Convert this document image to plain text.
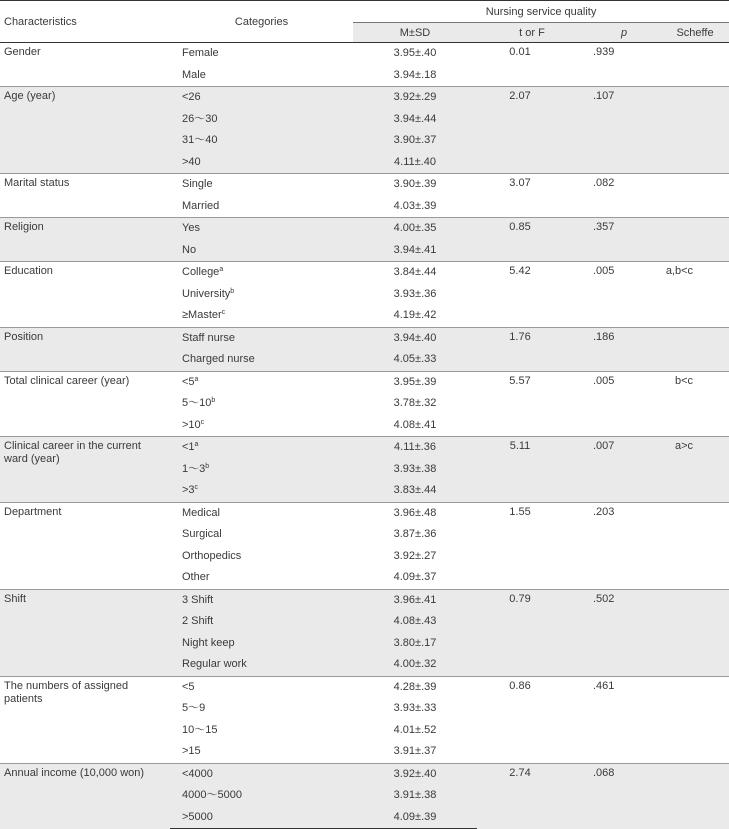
Characteristics	Categories	Nursing service quality			
		M±SD	t or F	p	Scheffe
Gender	Female	3.95±.40	0.01	.939	
	Male	3.94±.18			
Age (year)	<26	3.92±.29	2.07	.107	
	26～30	3.94±.44			
	31～40	3.90±.37			
	>40	4.11±.40			
Marital status	Single	3.90±.39	3.07	.082	
	Married	4.03±.39			
Religion	Yes	4.00±.35	0.85	.357	
	No	3.94±.41			
Education	College$^a$	3.84±.44	5.42	.005	a,b<c
	University$^b$	3.93±.36			
	≥Master$^c$	4.19±.42			
Position	Staff nurse	3.94±.40	1.76	.186	
	Charged nurse	4.05±.33			
Total clinical career (year)	$<5^a$	3.95±.39	5.57	.005	b<c
	5～10$^b$	3.78±.32			
	$>10^c$	4.08±.41			
Clinical career in the current ward (year)	$<1^a$	4.11±.36	5.11	.007	a>c
	1～3$^b$	3.93±.38			
	$>3^c$	3.83±.44			
Department	Medical	3.96±.48	1.55	.203	
	Surgical	3.87±.36			
	Orthopedics	3.92±.27			
	Other	4.09±.37			
Shift	3 Shift	3.96±.41	0.79	.502	
	2 Shift	4.08±.43			
	Night keep	3.80±.17			
	Regular work	4.00±.32			
The numbers of assigned patients	<5	4.28±.39	0.86	.461	
	5～9	3.93±.33			
	10～15	4.01±.52			
	>15	3.91±.37			
Annual income (10,000 won)	<4000	3.92±.40	2.74	.068	
	4000～5000	3.91±.38			
	>5000	4.09±.39			
